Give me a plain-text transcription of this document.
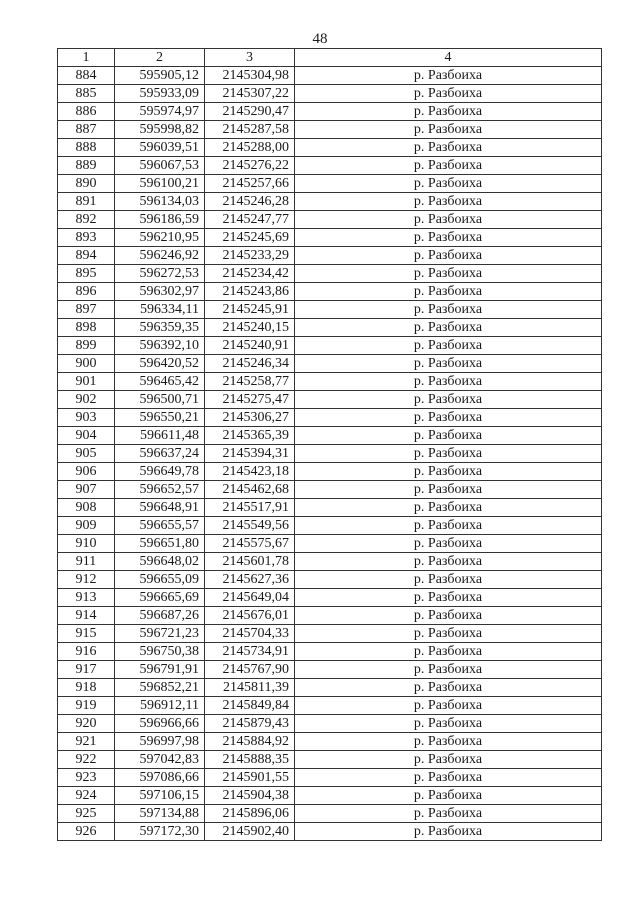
48
1	2	3	4
884	595905,12	2145304,98	р. Разбоиха
885	595933,09	2145307,22	р. Разбоиха
886	595974,97	2145290,47	р. Разбоиха
887	595998,82	2145287,58	р. Разбоиха
888	596039,51	2145288,00	р. Разбоиха
889	596067,53	2145276,22	р. Разбоиха
890	596100,21	2145257,66	р. Разбоиха
891	596134,03	2145246,28	р. Разбоиха
892	596186,59	2145247,77	р. Разбоиха
893	596210,95	2145245,69	р. Разбоиха
894	596246,92	2145233,29	р. Разбоиха
895	596272,53	2145234,42	р. Разбоиха
896	596302,97	2145243,86	р. Разбоиха
897	596334,11	2145245,91	р. Разбоиха
898	596359,35	2145240,15	р. Разбоиха
899	596392,10	2145240,91	р. Разбоиха
900	596420,52	2145246,34	р. Разбоиха
901	596465,42	2145258,77	р. Разбоиха
902	596500,71	2145275,47	р. Разбоиха
903	596550,21	2145306,27	р. Разбоиха
904	596611,48	2145365,39	р. Разбоиха
905	596637,24	2145394,31	р. Разбоиха
906	596649,78	2145423,18	р. Разбоиха
907	596652,57	2145462,68	р. Разбоиха
908	596648,91	2145517,91	р. Разбоиха
909	596655,57	2145549,56	р. Разбоиха
910	596651,80	2145575,67	р. Разбоиха
911	596648,02	2145601,78	р. Разбоиха
912	596655,09	2145627,36	р. Разбоиха
913	596665,69	2145649,04	р. Разбоиха
914	596687,26	2145676,01	р. Разбоиха
915	596721,23	2145704,33	р. Разбоиха
916	596750,38	2145734,91	р. Разбоиха
917	596791,91	2145767,90	р. Разбоиха
918	596852,21	2145811,39	р. Разбоиха
919	596912,11	2145849,84	р. Разбоиха
920	596966,66	2145879,43	р. Разбоиха
921	596997,98	2145884,92	р. Разбоиха
922	597042,83	2145888,35	р. Разбоиха
923	597086,66	2145901,55	р. Разбоиха
924	597106,15	2145904,38	р. Разбоиха
925	597134,88	2145896,06	р. Разбоиха
926	597172,30	2145902,40	р. Разбоиха
